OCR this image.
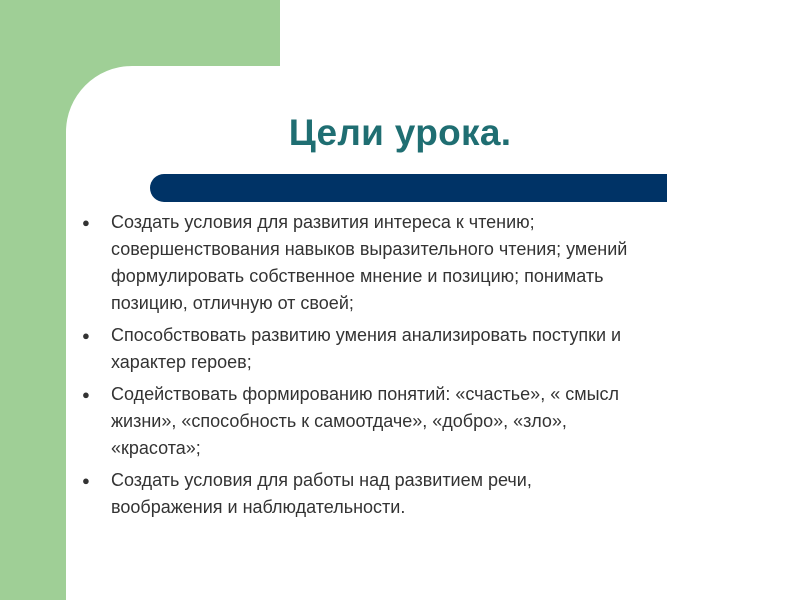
Цели урока.
● Создать условия для развития интереса к чтению;
совершенствования навыков выразительного чтения; умений
формулировать собственное мнение и позицию; понимать
позицию, отличную от своей;
● Способствовать развитию умения анализировать поступки и
характер героев;
● Содействовать формированию понятий: «счастье», « смысл
жизни», «способность к самоотдаче», «добро», «зло»,
«красота»;
● Создать условия для работы над развитием речи,
воображения и наблюдательности.
